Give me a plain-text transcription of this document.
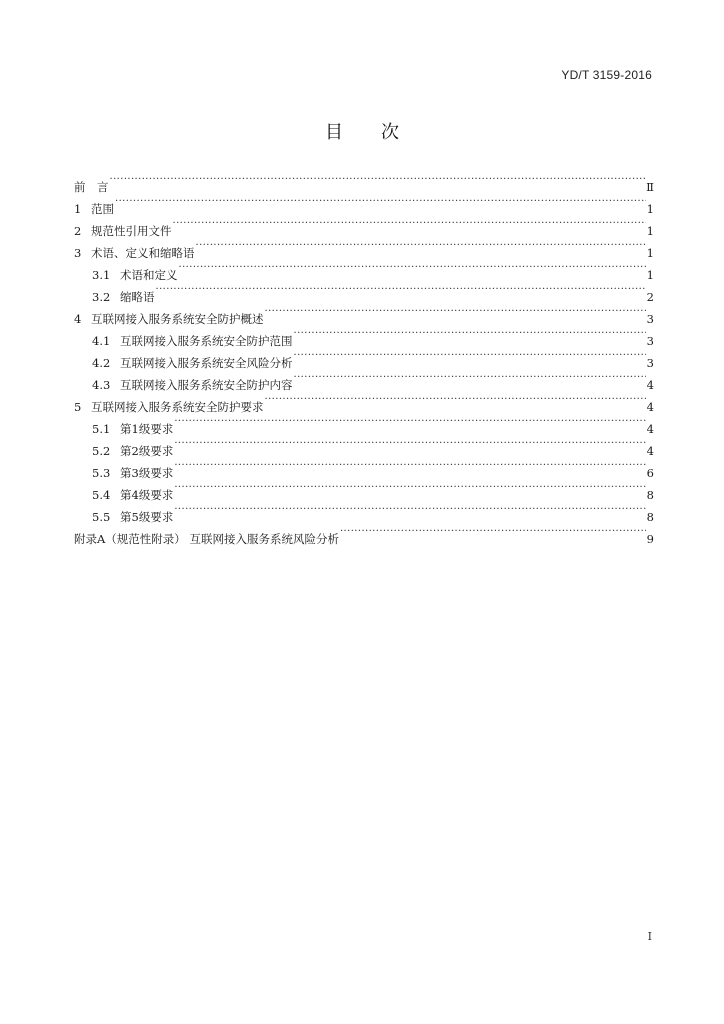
YD/T 3159-2016
目次
前　言 ·····	Ⅱ
1 范围 ·····	1
2 规范性引用文件 ·····	1
3 术语、定义和缩略语 ·····	1
3.1 术语和定义 ·····	1
3.2 缩略语 ·····	2
4 互联网接入服务系统安全防护概述 ·····	3
4.1 互联网接入服务系统安全防护范围 ·····	3
4.2 互联网接入服务系统安全风险分析 ·····	3
4.3 互联网接入服务系统安全防护内容 ·····	4
5 互联网接入服务系统安全防护要求 ·····	4
5.1 第1级要求 ·····	4
5.2 第2级要求 ·····	4
5.3 第3级要求 ·····	6
5.4 第4级要求 ·····	8
5.5 第5级要求 ·····	8
附录A（规范性附录） 互联网接入服务系统风险分析 ·····	9
I
